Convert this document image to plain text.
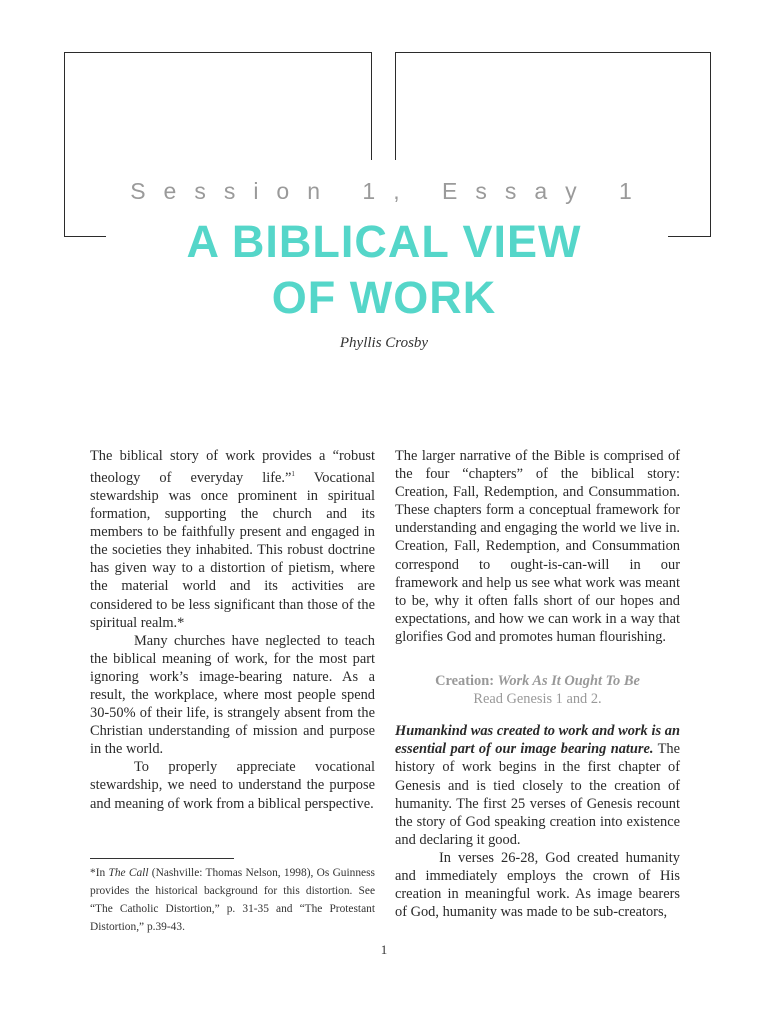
Session 1, Essay 1
A BIBLICAL VIEW
OF WORK
Phyllis Crosby

The biblical story of work provides a “robust theology of everyday life.”$^1$ Vocational stewardship was once prominent in spiritual formation, supporting the church and its members to be faithfully present and engaged in the societies they inhabited. This robust doctrine has given way to a distortion of pietism, where the material world and its activities are considered to be less significant than those of the spiritual realm.*

Many churches have neglected to teach the biblical meaning of work, for the most part ignoring work’s image-bearing nature. As a result, the workplace, where most people spend 30-50% of their life, is strangely absent from the Christian understanding of mission and purpose in the world.

To properly appreciate vocational stewardship, we need to understand the purpose and meaning of work from a biblical perspective.

The larger narrative of the Bible is comprised of the four “chapters” of the biblical story: Creation, Fall, Redemption, and Consummation. These chapters form a conceptual framework for understanding and engaging the world we live in. Creation, Fall, Redemption, and Consummation correspond to ought-is-can-will in our framework and help us see what work was meant to be, why it often falls short of our hopes and expectations, and how we can work in a way that glorifies God and promotes human flourishing.

Creation: Work As It Ought To Be
Read Genesis 1 and 2.

Humankind was created to work and work is an essential part of our image bearing nature. The history of work begins in the first chapter of Genesis and is tied closely to the creation of humanity. The first 25 verses of Genesis recount the story of God speaking creation into existence and declaring it good.

In verses 26-28, God created humanity and immediately employs the crown of His creation in meaningful work. As image bearers of God, humanity was made to be sub-creators,

*In The Call (Nashville: Thomas Nelson, 1998), Os Guinness provides the historical background for this distortion. See “The Catholic Distortion,” p. 31-35 and “The Protestant Distortion,” p.39-43.
1
